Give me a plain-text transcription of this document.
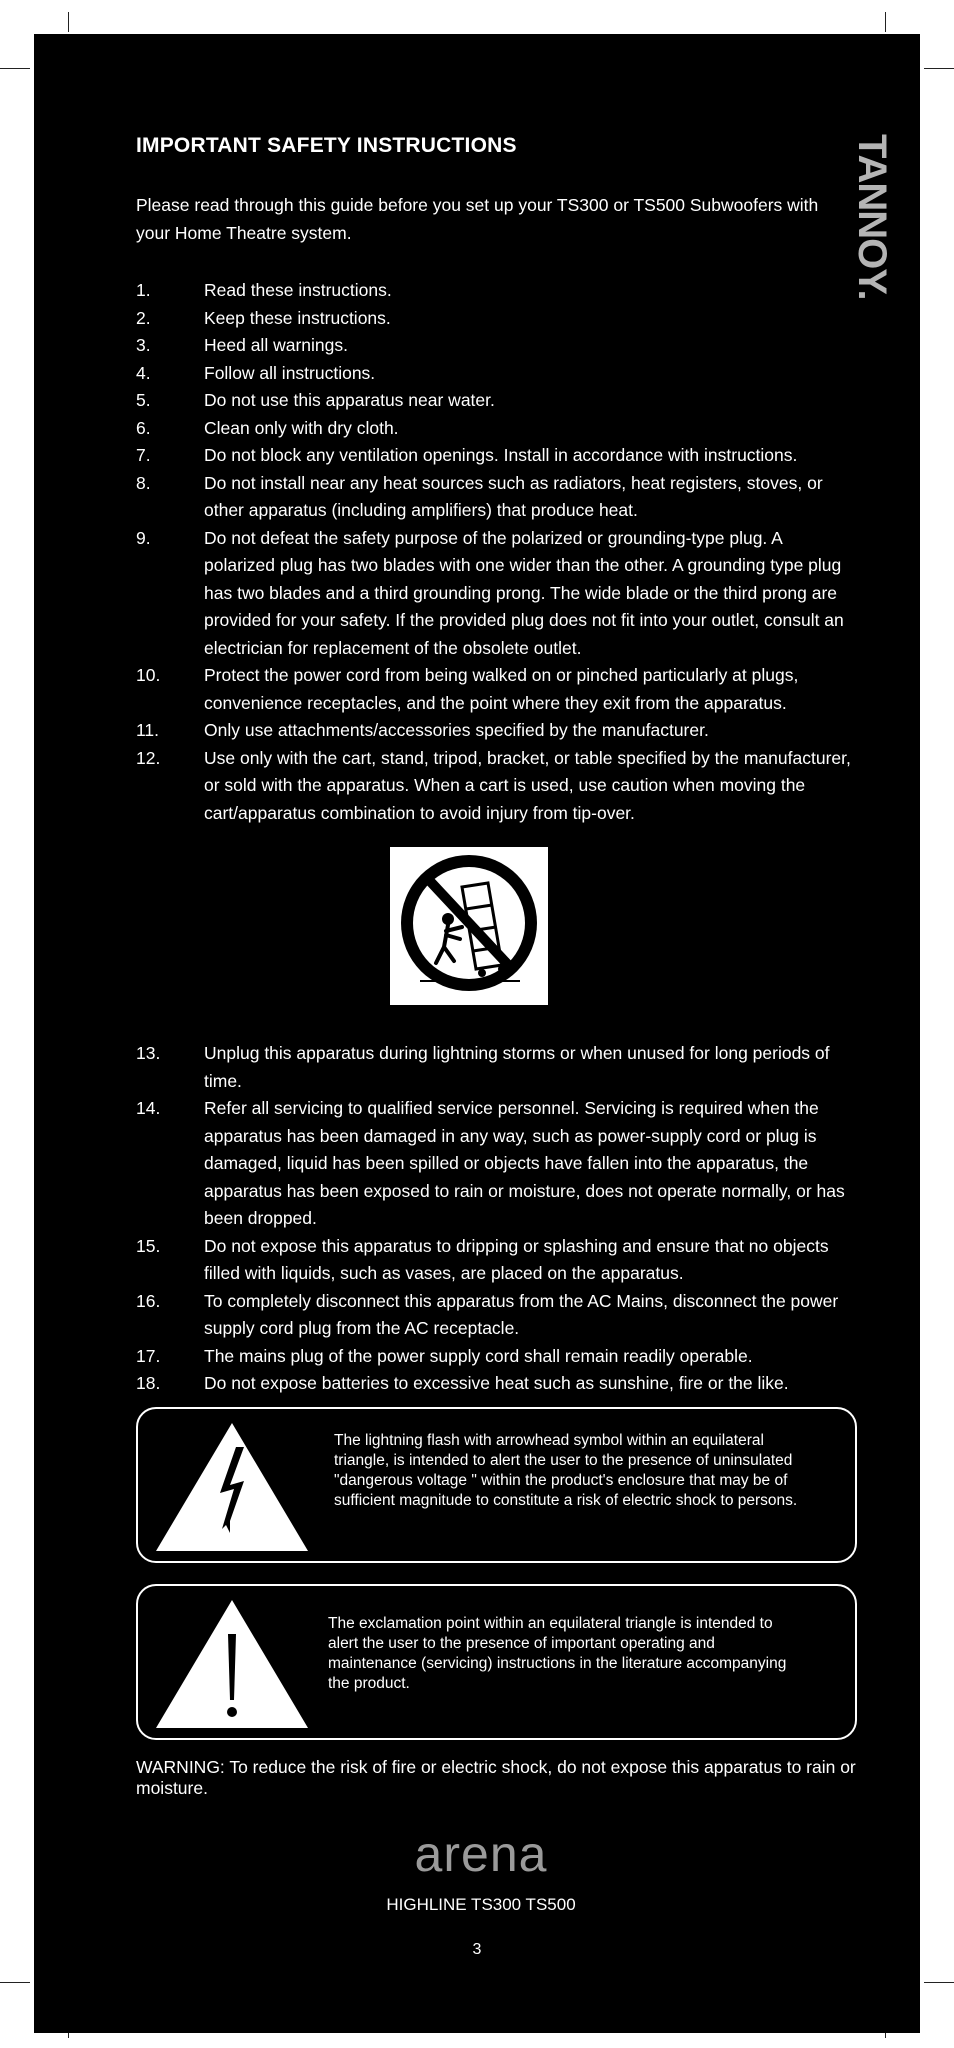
TANNOY.
IMPORTANT SAFETY INSTRUCTIONS
Please read through this guide before you set up your TS300 or TS500 Subwoofers with your Home Theatre system.
1.	Read these instructions.
2.	Keep these instructions.
3.	Heed all warnings.
4.	Follow all instructions.
5.	Do not use this apparatus near water.
6.	Clean only with dry cloth.
7.	Do not block any ventilation openings. Install in accordance with instructions.
8.	Do not install near any heat sources such as radiators, heat registers, stoves, or other apparatus (including amplifiers) that produce heat.
9.	Do not defeat the safety purpose of the polarized or grounding-type plug. A polarized plug has two blades with one wider than the other. A grounding type plug has two blades and a third grounding prong. The wide blade or the third prong are provided for your safety. If the provided plug does not fit into your outlet, consult an electrician for replacement of the obsolete outlet.
10.	Protect the power cord from being walked on or pinched particularly at plugs, convenience receptacles, and the point where they exit from the apparatus.
11.	Only use attachments/accessories specified by the manufacturer.
12.	Use only with the cart, stand, tripod, bracket, or table specified by the manufacturer, or sold with the apparatus. When a cart is used, use caution when moving the cart/apparatus combination to avoid injury from tip-over.
13.	Unplug this apparatus during lightning storms or when unused for long periods of time.
14.	Refer all servicing to qualified service personnel. Servicing is required when the apparatus has been damaged in any way, such as power-supply cord or plug is damaged, liquid has been spilled or objects have fallen into the apparatus, the apparatus has been exposed to rain or moisture, does not operate normally, or has been dropped.
15.	Do not expose this apparatus to dripping or splashing and ensure that no objects filled with liquids, such as vases, are placed on the apparatus.
16.	To completely disconnect this apparatus from the AC Mains, disconnect the power supply cord plug from the AC receptacle.
17.	The mains plug of the power supply cord shall remain readily operable.
18.	Do not expose batteries to excessive heat such as sunshine, fire or the like.
The lightning flash with arrowhead symbol within an equilateral triangle, is intended to alert the user to the presence of uninsulated "dangerous voltage " within the product's enclosure that may be of sufficient magnitude to constitute a risk of electric shock to persons.
The exclamation point within an equilateral triangle is intended to alert the user to the presence of important operating and maintenance (servicing) instructions in the literature accompanying the product.
WARNING: To reduce the risk of fire or electric shock, do not expose this apparatus to rain or moisture.
arena
HIGHLINE TS300 TS500
3
